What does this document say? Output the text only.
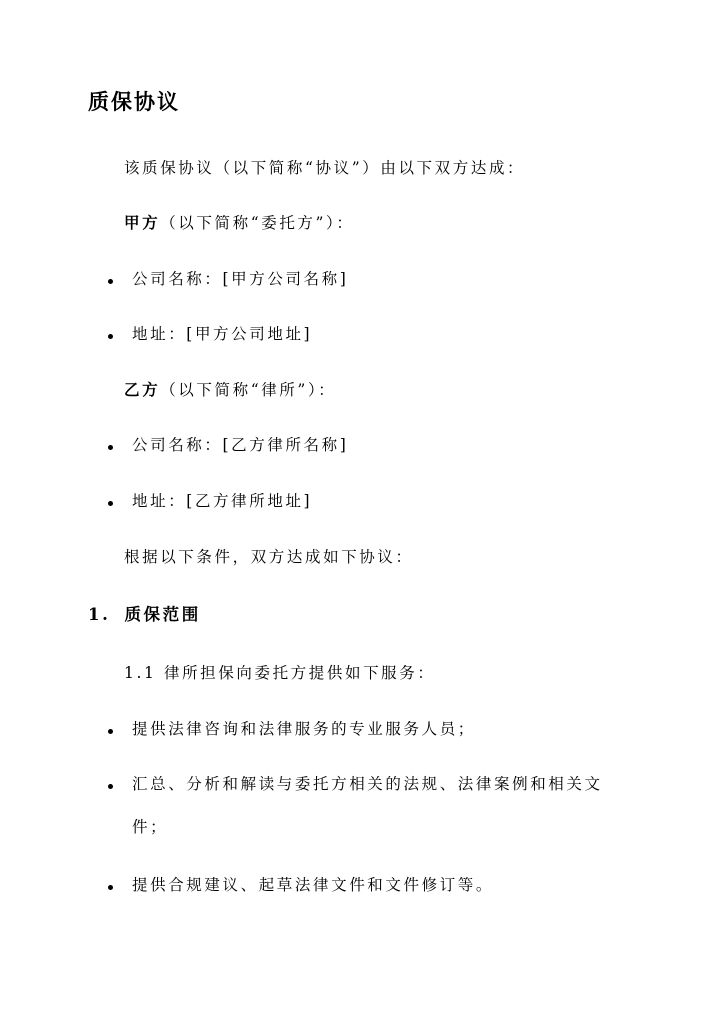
质保协议

该质保协议（以下简称“协议”）由以下双方达成：

甲方（以下简称“委托方”）：

公司名称：[甲方公司名称]
地址：[甲方公司地址]

乙方（以下简称“律所”）：

公司名称：[乙方律所名称]
地址：[乙方律所地址]

根据以下条件，双方达成如下协议：

1. 质保范围

1.1 律所担保向委托方提供如下服务：

提供法律咨询和法律服务的专业服务人员；
汇总、分析和解读与委托方相关的法规、法律案例和相关文
件；
提供合规建议、起草法律文件和文件修订等。
